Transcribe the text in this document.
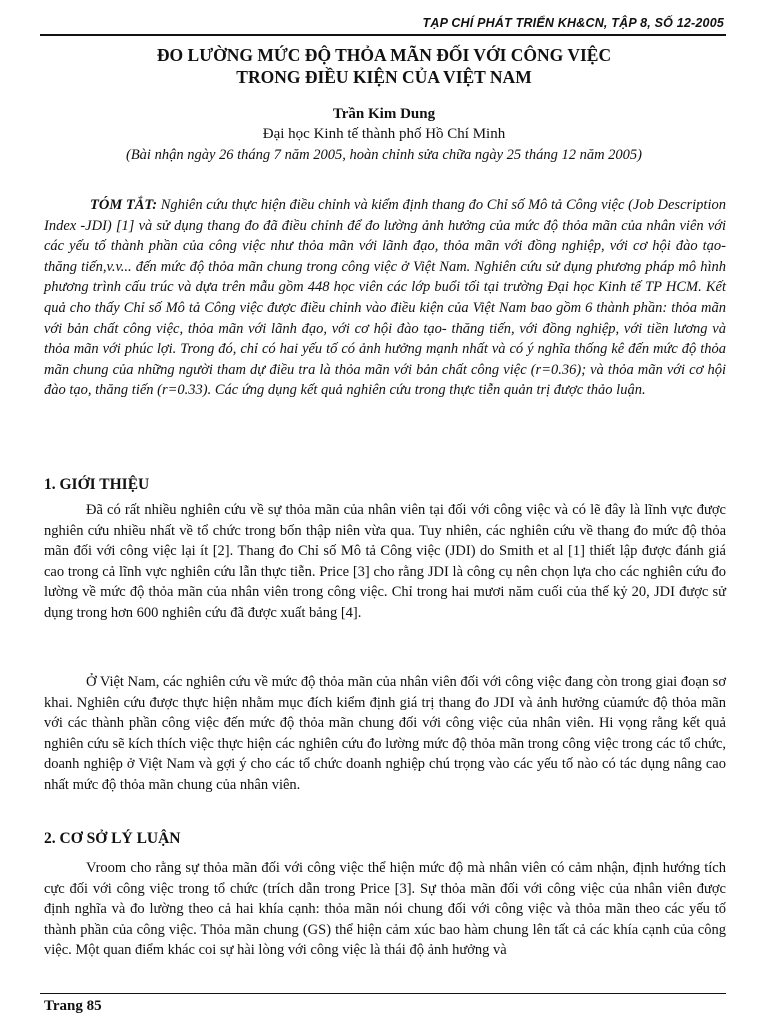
TẠP CHÍ PHÁT TRIỂN KH&CN, TẬP 8, SỐ 12-2005
ĐO LƯỜNG MỨC ĐỘ THỎA MÃN ĐỐI VỚI CÔNG VIỆC
TRONG ĐIỀU KIỆN CỦA VIỆT NAM
Trần Kim Dung
Đại học Kinh tế thành phố Hồ Chí Minh
(Bài nhận ngày 26 tháng 7 năm 2005, hoàn chỉnh sửa chữa ngày 25 tháng 12 năm 2005)

TÓM TẮT: Nghiên cứu thực hiện điều chỉnh và kiểm định thang đo Chỉ số Mô tả Công việc (Job Description Index -JDI) [1] và sử dụng thang đo đã điều chỉnh để đo lường ảnh hưởng của mức độ thỏa mãn của nhân viên với các yếu tố thành phần của công việc như thỏa mãn với lãnh đạo, thỏa mãn với đồng nghiệp, với cơ hội đào tạo- thăng tiến,v.v... đến mức độ thỏa mãn chung trong công việc ở Việt Nam. Nghiên cứu sử dụng phương pháp mô hình phương trình cấu trúc và dựa trên mẫu gồm 448 học viên các lớp buổi tối tại trường Đại học Kinh tế TP HCM. Kết quả cho thấy Chỉ số Mô tả Công việc được điều chỉnh vào điều kiện của Việt Nam bao gồm 6 thành phần: thỏa mãn với bản chất công việc, thỏa mãn với lãnh đạo, với cơ hội đào tạo- thăng tiến, với đồng nghiệp, với tiền lương và thỏa mãn với phúc lợi. Trong đó, chỉ có hai yếu tố có ảnh hưởng mạnh nhất và có ý nghĩa thống kê đến mức độ thỏa mãn chung của những người tham dự điều tra là thỏa mãn với bản chất công việc (r=0.36); và thỏa mãn với cơ hội đào tạo, thăng tiến (r=0.33). Các ứng dụng kết quả nghiên cứu trong thực tiễn quản trị được thảo luận.

1. GIỚI THIỆU

Đã có rất nhiều nghiên cứu về sự thỏa mãn của nhân viên tại đối với công việc và có lẽ đây là lĩnh vực được nghiên cứu nhiều nhất về tổ chức trong bốn thập niên vừa qua. Tuy nhiên, các nghiên cứu về thang đo mức độ thỏa mãn đối với công việc lại ít [2]. Thang đo Chỉ số Mô tả Công việc (JDI) do Smith et al [1] thiết lập được đánh giá cao trong cả lĩnh vực nghiên cứu lẫn thực tiễn. Price [3] cho rằng JDI là công cụ nên chọn lựa cho các nghiên cứu đo lường về mức độ thỏa mãn của nhân viên trong công việc. Chỉ trong hai mươi năm cuối của thế kỷ 20, JDI được sử dụng trong hơn 600 nghiên cứu đã được xuất bảng [4].

Ở Việt Nam, các nghiên cứu về mức độ thỏa mãn của nhân viên đối với công việc đang còn trong giai đoạn sơ khai. Nghiên cứu được thực hiện nhằm mục đích kiểm định giá trị thang đo JDI và ảnh hưởng củamức độ thỏa mãn với các thành phần công việc đến mức độ thỏa mãn chung đối với công việc của nhân viên. Hi vọng rằng kết quả nghiên cứu sẽ kích thích việc thực hiện các nghiên cứu đo lường mức độ thỏa mãn trong công việc trong các tổ chức, doanh nghiệp ở Việt Nam và gợi ý cho các tổ chức doanh nghiệp chú trọng vào các yếu tố nào có tác dụng nâng cao nhất mức độ thỏa mãn chung của nhân viên.

2. CƠ SỞ LÝ LUẬN

Vroom cho rằng sự thỏa mãn đối với công việc thể hiện mức độ mà nhân viên có cảm nhận, định hướng tích cực đối với công việc trong tổ chức (trích dẫn trong Price [3]. Sự thỏa mãn đối với công việc của nhân viên được định nghĩa và đo lường theo cả hai khía cạnh: thỏa mãn nói chung đối với công việc và thỏa mãn theo các yếu tố thành phần của công việc. Thỏa mãn chung (GS) thể hiện cảm xúc bao hàm chung lên tất cả các khía cạnh của công việc. Một quan điểm khác coi sự hài lòng với công việc là thái độ ảnh hưởng và

Trang 85
